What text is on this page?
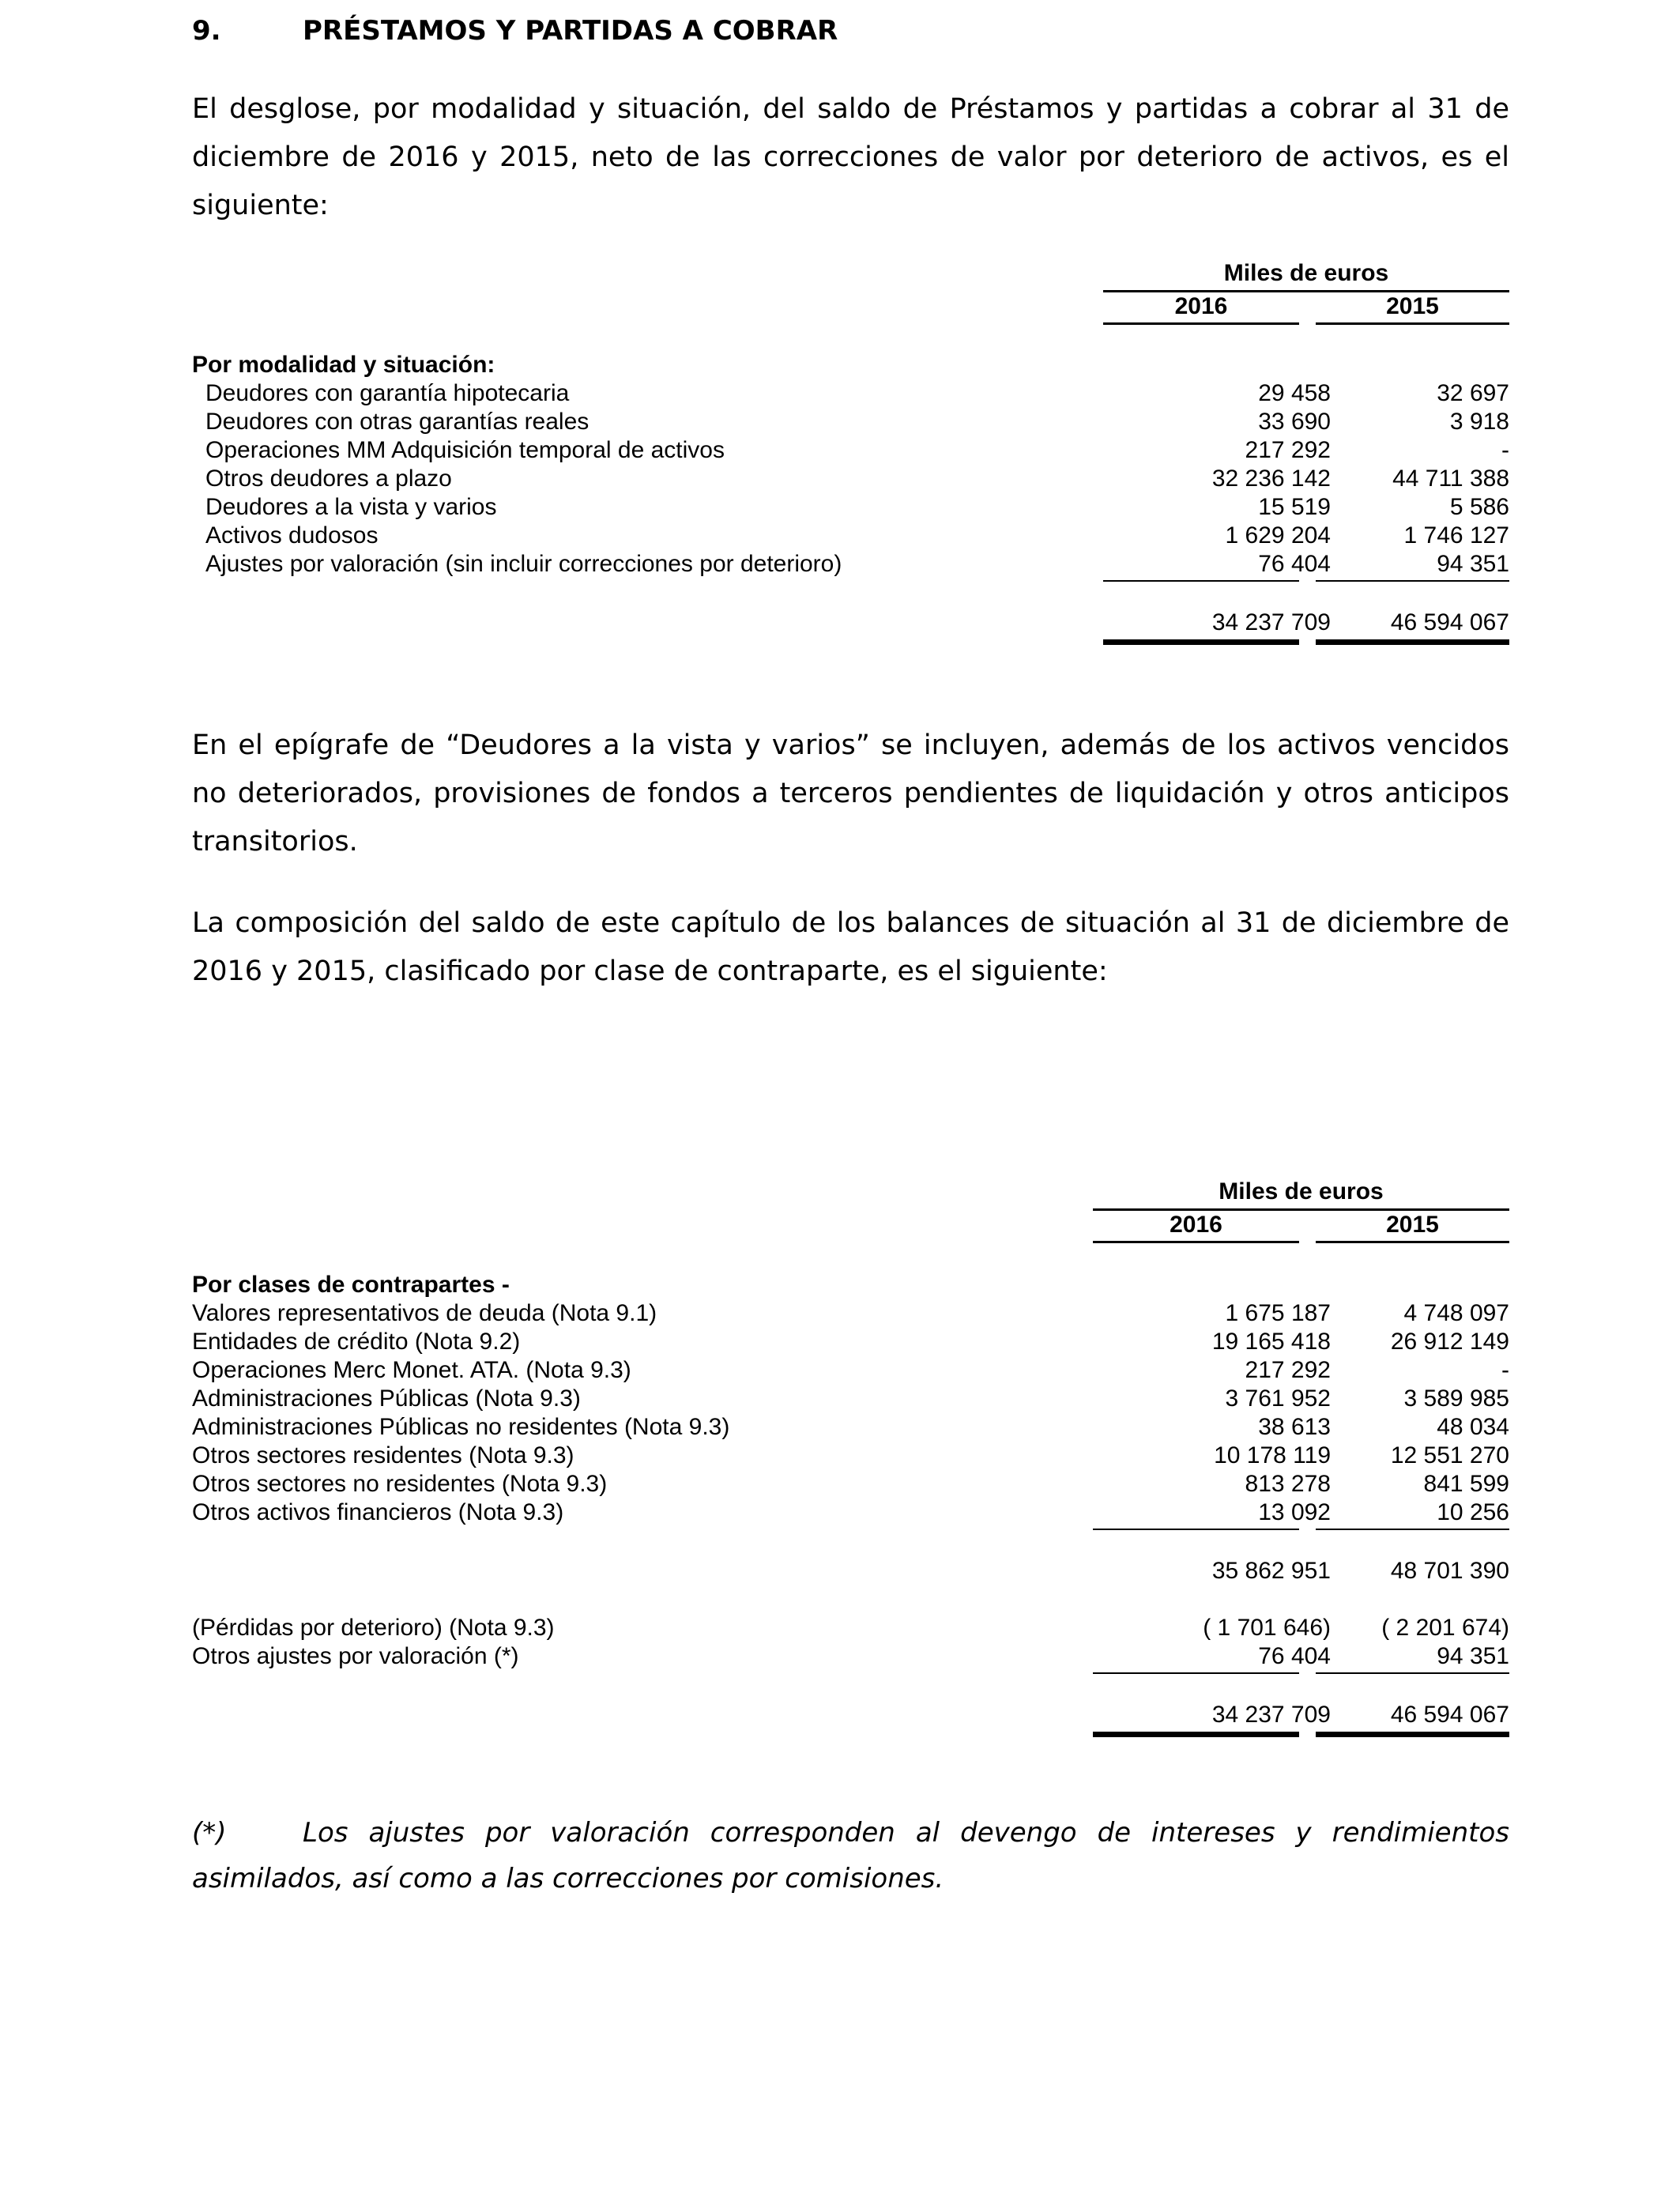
9.	PRÉSTAMOS Y PARTIDAS A COBRAR
El desglose, por modalidad y situación, del saldo de Préstamos y partidas a cobrar al 31 de diciembre de 2016 y 2015, neto de las correcciones de valor por deterioro de activos, es el siguiente:
Miles de euros
2016	2015
Por modalidad y situación:
Deudores con garantía hipotecaria	29 458	32 697
Deudores con otras garantías reales	33 690	3 918
Operaciones MM Adquisición temporal de activos	217 292	-
Otros deudores a plazo	32 236 142	44 711 388
Deudores a la vista y varios	15 519	5 586
Activos dudosos	1 629 204	1 746 127
Ajustes por valoración (sin incluir correcciones por deterioro)	76 404	94 351
34 237 709	46 594 067
En el epígrafe de “Deudores a la vista y varios” se incluyen, además de los activos vencidos no deteriorados, provisiones de fondos a terceros pendientes de liquidación y otros anticipos transitorios.
La composición del saldo de este capítulo de los balances de situación al 31 de diciembre de 2016 y 2015, clasificado por clase de contraparte, es el siguiente:
Miles de euros
2016	2015
Por clases de contrapartes -
Valores representativos de deuda (Nota 9.1)	1 675 187	4 748 097
Entidades de crédito (Nota 9.2)	19 165 418	26 912 149
Operaciones Merc Monet. ATA. (Nota 9.3)	217 292	-
Administraciones Públicas (Nota 9.3)	3 761 952	3 589 985
Administraciones Públicas no residentes (Nota 9.3)	38 613	48 034
Otros sectores residentes (Nota 9.3)	10 178 119	12 551 270
Otros sectores no residentes (Nota 9.3)	813 278	841 599
Otros activos financieros (Nota 9.3)	13 092	10 256
35 862 951	48 701 390
(Pérdidas por deterioro) (Nota 9.3)	( 1 701 646)	( 2 201 674)
Otros ajustes por valoración (*)	76 404	94 351
34 237 709	46 594 067
(*)	Los ajustes por valoración corresponden al devengo de intereses y rendimientos asimilados, así como a las correcciones por comisiones.
